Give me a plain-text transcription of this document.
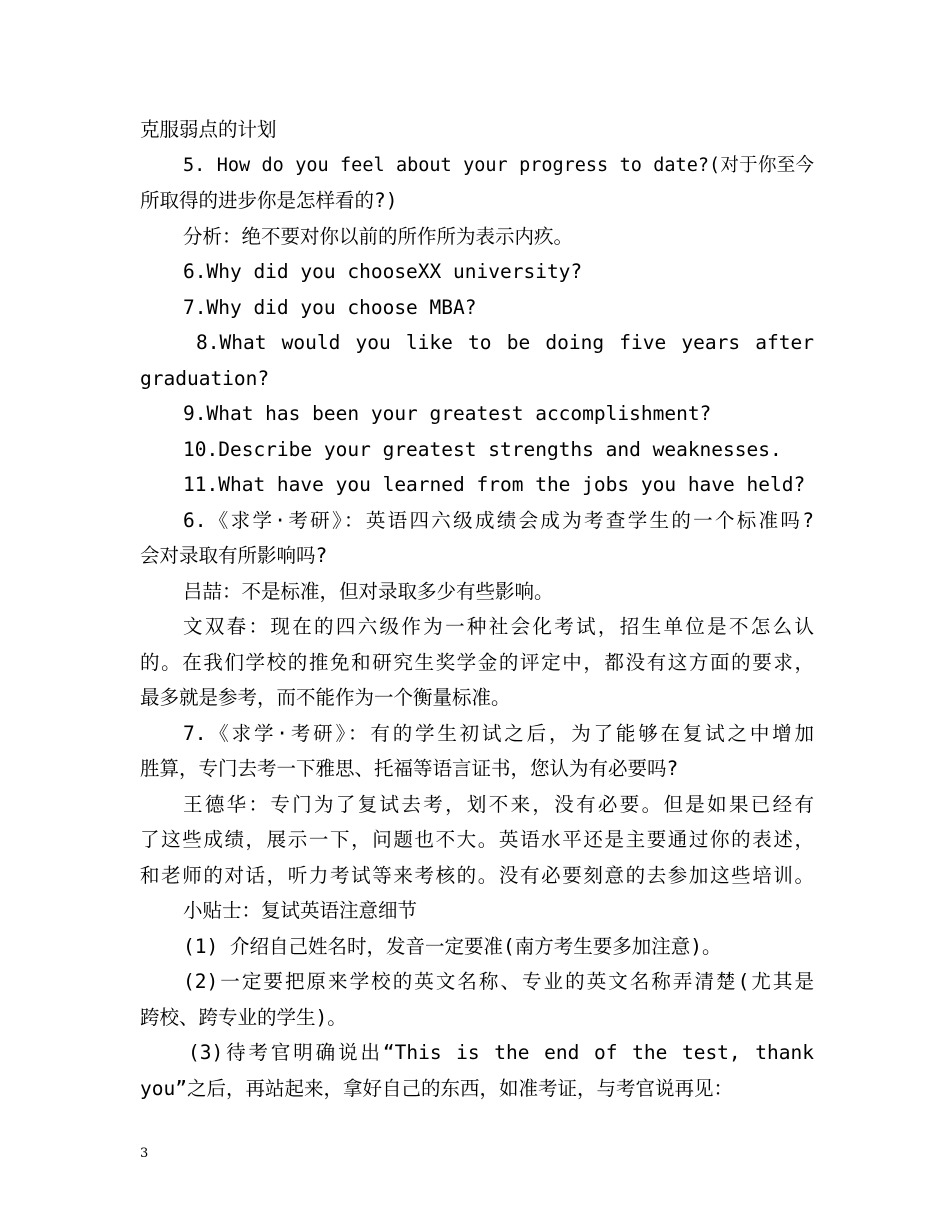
克服弱点的计划
5. How do you feel about your progress to date?(对于你至今
所取得的进步你是怎样看的?)
分析：绝不要对你以前的所作所为表示内疚。
6.Why did you chooseXX university?
7.Why did you choose MBA?
8.What would you like to be doing five years after
graduation?
9.What has been your greatest accomplishment?
10.Describe your greatest strengths and weaknesses.
11.What have you learned from the jobs you have held?
6.《求学·考研》：英语四六级成绩会成为考查学生的一个标准吗?
会对录取有所影响吗?
吕喆：不是标准，但对录取多少有些影响。
文双春：现在的四六级作为一种社会化考试，招生单位是不怎么认
的。在我们学校的推免和研究生奖学金的评定中，都没有这方面的要求，
最多就是参考，而不能作为一个衡量标准。
7.《求学·考研》：有的学生初试之后，为了能够在复试之中增加
胜算，专门去考一下雅思、托福等语言证书，您认为有必要吗?
王德华：专门为了复试去考，划不来，没有必要。但是如果已经有
了这些成绩，展示一下，问题也不大。英语水平还是主要通过你的表述，
和老师的对话，听力考试等来考核的。没有必要刻意的去参加这些培训。
小贴士：复试英语注意细节
(1) 介绍自己姓名时，发音一定要准(南方考生要多加注意)。
(2)一定要把原来学校的英文名称、专业的英文名称弄清楚(尤其是
跨校、跨专业的学生)。
(3)待考官明确说出“This is the end of the test, thank
you”之后，再站起来，拿好自己的东西，如准考证，与考官说再见：
3
